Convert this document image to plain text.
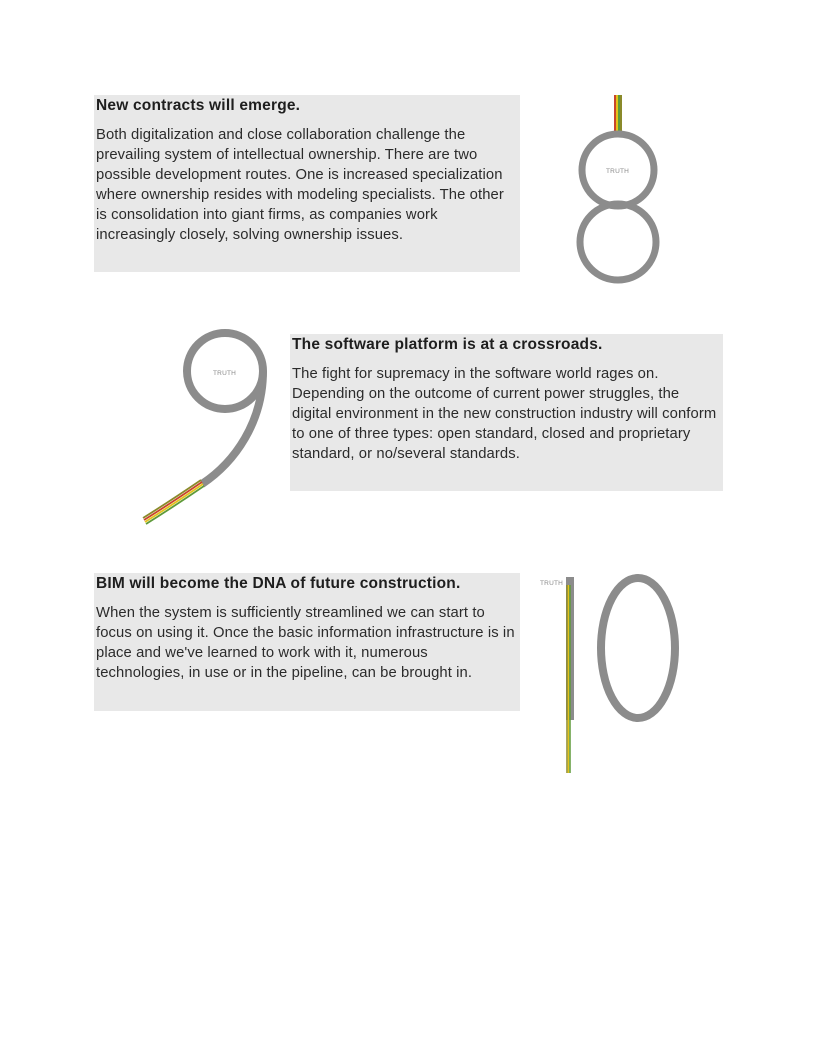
New contracts will emerge.

Both digitalization and close collaboration challenge the prevailing system of intellectual ownership. There are two possible development routes. One is increased specialization where ownership resides with modeling specialists. The other is consolidation into giant firms, as companies work increasingly closely, solving ownership issues.

TRUTH
TRUTH
The software platform is at a crossroads.

The fight for supremacy in the software world rages on. Depending on the outcome of current power struggles, the digital environment in the new construction industry will conform to one of three types: open standard, closed and proprietary standard, or no/several standards.

BIM will become the DNA of future construction.

When the system is sufficiently streamlined we can start to focus on using it. Once the basic information infrastructure is in place and we've learned to work with it, numerous technologies, in use or in the pipeline, can be brought in.

TRUTH
